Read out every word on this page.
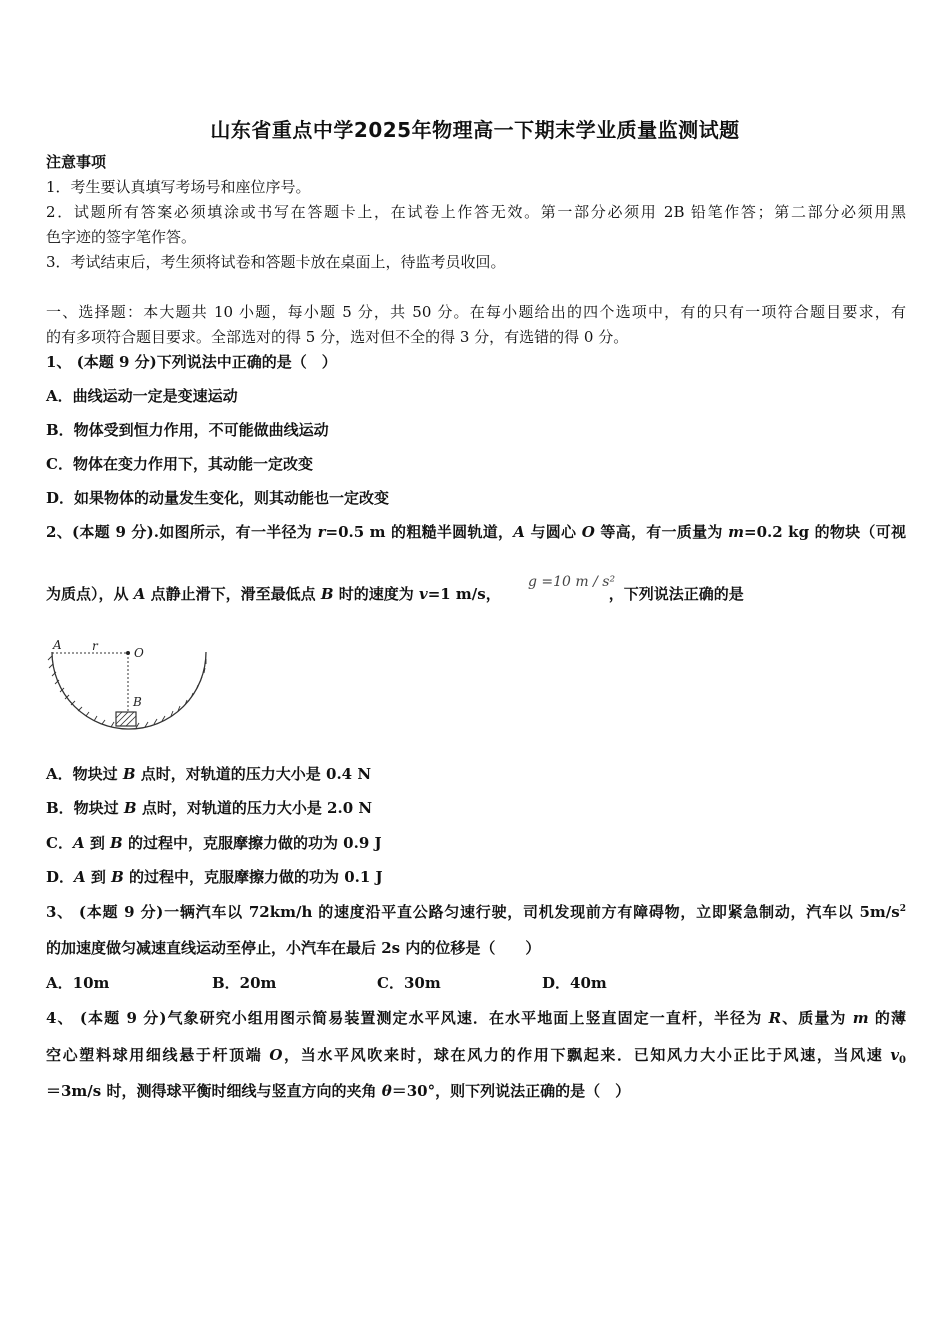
山东省重点中学2025年物理高一下期末学业质量监测试题
注意事项
1．考生要认真填写考场号和座位序号。
2．试题所有答案必须填涂或书写在答题卡上，在试卷上作答无效。第一部分必须用 2B 铅笔作答；第二部分必须用黑
色字迹的签字笔作答。
3．考试结束后，考生须将试卷和答题卡放在桌面上，待监考员收回。
一、选择题：本大题共 10 小题，每小题 5 分，共 50 分。在每小题给出的四个选项中，有的只有一项符合题目要求，有
的有多项符合题目要求。全部选对的得 5 分，选对但不全的得 3 分，有选错的得 0 分。
1、 (本题 9 分)下列说法中正确的是（　）
A．曲线运动一定是变速运动
B．物体受到恒力作用，不可能做曲线运动
C．物体在变力作用下，其动能一定改变
D．如果物体的动量发生变化，则其动能也一定改变
2、(本题 9 分).如图所示，有一半径为 r=0.5 m 的粗糙半圆轨道，A 与圆心 O 等高，有一质量为 m=0.2 kg 的物块（可视
为质点），从 A 点静止滑下，滑至最低点 B 时的速度为 v=1 m/s，	，下列说法正确的是
g =10 m / s²
A	r	O
B
A．物块过 B 点时，对轨道的压力大小是 0.4 N
B．物块过 B 点时，对轨道的压力大小是 2.0 N
C．A 到 B 的过程中，克服摩擦力做的功为 0.9 J
D．A 到 B 的过程中，克服摩擦力做的功为 0.1 J
3、 (本题 9 分)一辆汽车以 72km/h 的速度沿平直公路匀速行驶，司机发现前方有障碍物，立即紧急制动，汽车以 $5m/s^2$
的加速度做匀减速直线运动至停止，小汽车在最后 2s 内的位移是（　　）
A．10m	B．20m	C．30m	D．40m
4、 (本题 9 分)气象研究小组用图示简易装置测定水平风速．在水平地面上竖直固定一直杆，半径为 R、质量为 m 的薄
空心塑料球用细线悬于杆顶端 O，当水平风吹来时，球在风力的作用下飘起来．已知风力大小正比于风速，当风速 $v_0$
＝3m/s 时，测得球平衡时细线与竖直方向的夹角 θ＝30°，则下列说法正确的是（　）
